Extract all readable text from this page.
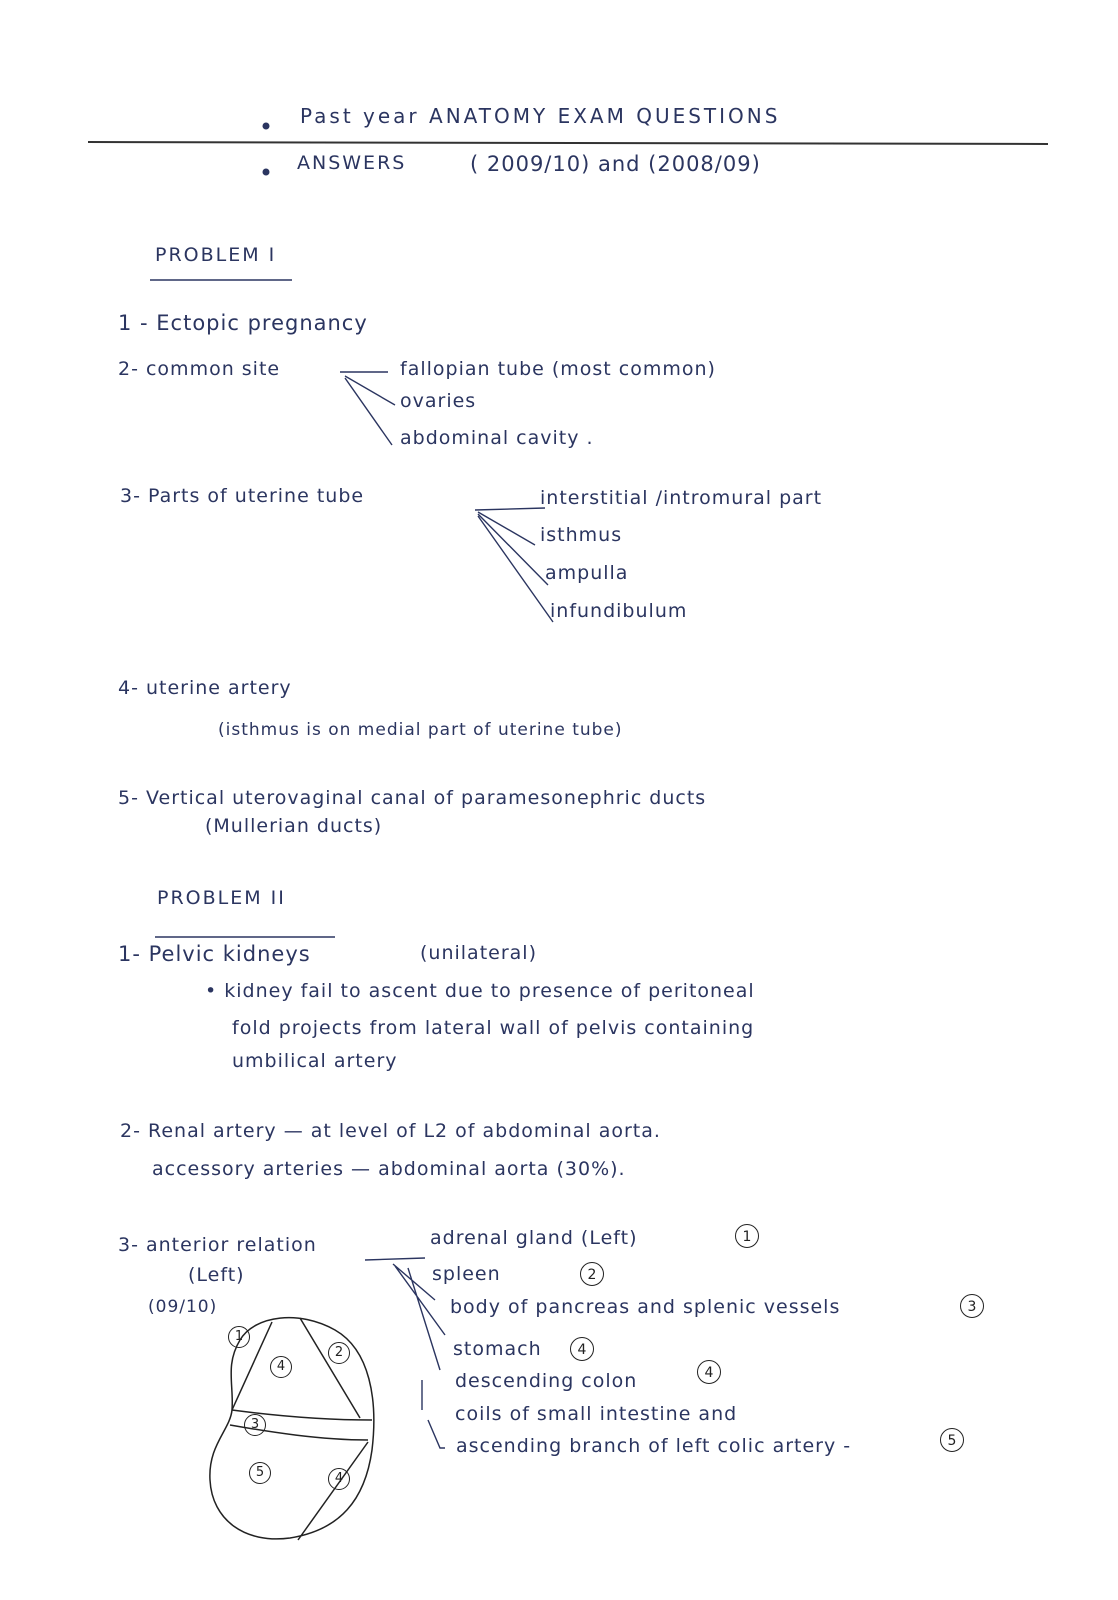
Past year ANATOMY EXAM QUESTIONS
ANSWERS	( 2009/10) and (2008/09)
PROBLEM I
1 - Ectopic pregnancy
2- common site	fallopian tube (most common)
ovaries
abdominal cavity .
3- Parts of uterine tube	interstitial /intromural part
isthmus
ampulla
infundibulum
4- uterine artery
(isthmus is on medial part of uterine tube)
5- Vertical uterovaginal canal of paramesonephric ducts
(Mullerian ducts)
PROBLEM II
1- Pelvic kidneys	(unilateral)
• kidney fail to ascent due to presence of peritoneal
fold projects from lateral wall of pelvis containing
umbilical artery
2- Renal artery — at level of L2 of abdominal aorta.
accessory arteries — abdominal aorta (30%).
3- anterior relation
(Left)
(09/10)
adrenal gland (Left)	1
spleen	2
body of pancreas and splenic vessels	3
stomach	4
descending colon	4
coils of small intestine and
ascending branch of left colic artery -	5
1
4
2
3
5	4
